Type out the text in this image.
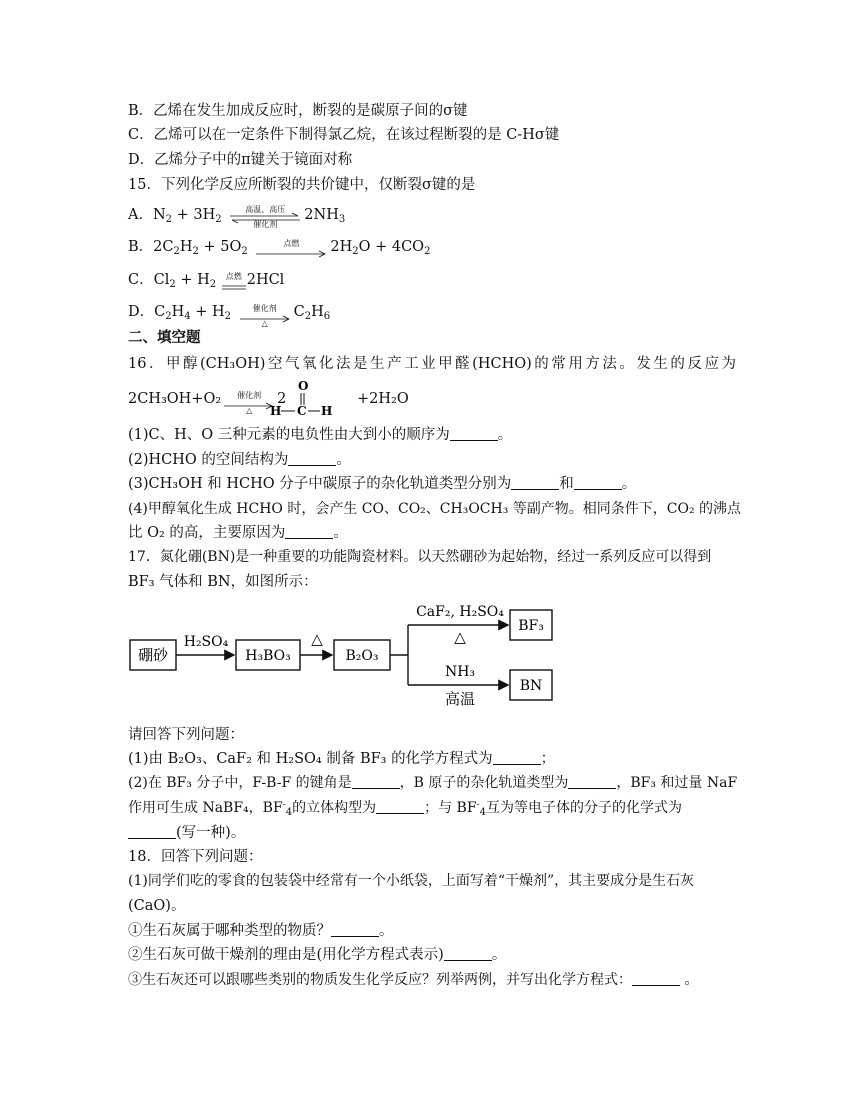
B．乙烯在发生加成反应时，断裂的是碳原子间的σ键
C．乙烯可以在一定条件下制得氯乙烷，在该过程断裂的是 C-Hσ键
D．乙烯分子中的π键关于镜面对称
15．下列化学反应所断裂的共价键中，仅断裂σ键的是
A．$N_2 + 3H_2$
高温、高压
催化剂
$2NH_3$
B．$2C_2H_2 + 5O_2$
点燃	$2H_2O + 4CO_2$
C．$Cl_2 + H_2$
点燃 2HCl
D．$C_2H_4 + H_2$
催化剂
△
$C_2H_6$
二、填空题
16．甲醇(CH₃OH)空气氧化法是生产工业甲醛(HCHO)的常用方法。发生的反应为
2CH₃OH+O₂	催化剂
△
2	+2H₂O
O
H C H
(1)C、H、O 三种元素的电负性由大到小的顺序为	。
(2)HCHO 的空间结构为	。
(3)CH₃OH 和 HCHO 分子中碳原子的杂化轨道类型分别为	和	。
(4)甲醇氧化生成 HCHO 时，会产生 CO、CO₂、CH₃OCH₃ 等副产物。相同条件下，CO₂ 的沸点
比 O₂ 的高，主要原因为	。
17．氮化硼(BN)是一种重要的功能陶瓷材料。以天然硼砂为起始物，经过一系列反应可以得到
BF₃ 气体和 BN，如图所示：
硼砂
H₂SO₄
H₃BO₃
△
B₂O₃
CaF₂, H₂SO₄
△
BF₃
NH₃
高温
BN
请回答下列问题：
(1)由 B₂O₃、CaF₂ 和 H₂SO₄ 制备 BF₃ 的化学方程式为	；
(2)在 BF₃ 分子中，F-B-F 的键角是	，B 原子的杂化轨道类型为	，BF₃ 和过量 NaF
作用可生成 NaBF₄，$BF^-_4$的立体构型为	；与 $BF^-_4$互为等电子体的分子的化学式为
(写一种)。
18．回答下列问题：
(1)同学们吃的零食的包装袋中经常有一个小纸袋，上面写着“干燥剂”，其主要成分是生石灰
(CaO)。
①生石灰属于哪种类型的物质？	。
②生石灰可做干燥剂的理由是(用化学方程式表示)	。
③生石灰还可以跟哪些类别的物质发生化学反应？列举两例，并写出化学方程式：	。
